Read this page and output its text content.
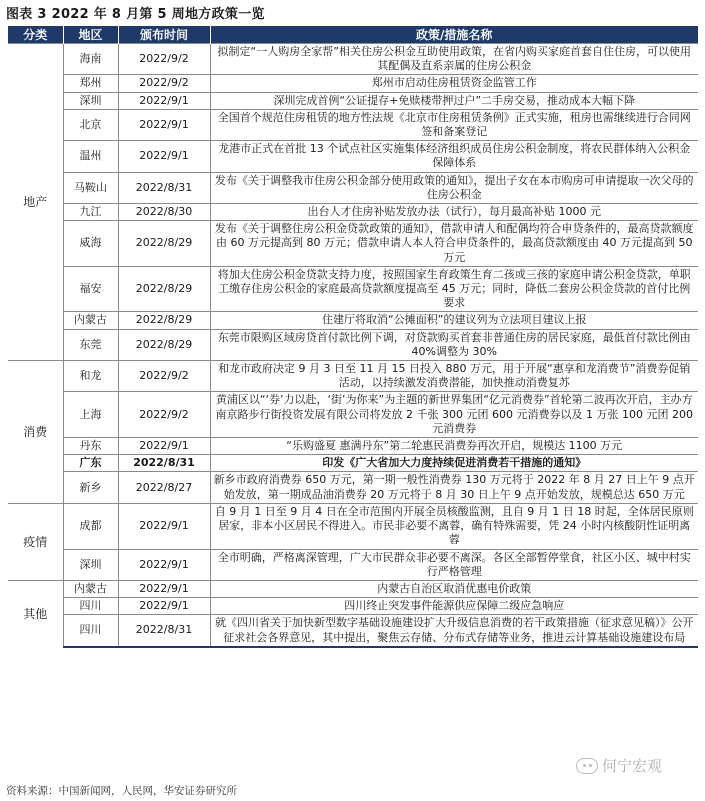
图表 3 2022 年 8 月第 5 周地方政策一览
分类	地区	颁布时间	政策/措施名称
地产	海南	2022/9/2	拟制定“一人购房全家帮”相关住房公积金互助使用政策，在省内购买家庭首套自住住房，可以使用其配偶及直系亲属的住房公积金
	郑州	2022/9/2	郑州市启动住房租赁资金监管工作
	深圳	2022/9/1	深圳完成首例“公证提存+免赎楼带押过户”二手房交易，推动成本大幅下降
	北京	2022/9/1	全国首个规范住房租赁的地方性法规《北京市住房租赁条例》正式实施，租房也需继续进行合同网签和备案登记
	温州	2022/9/1	龙港市正式在首批 13 个试点社区实施集体经济组织成员住房公积金制度，将农民群体纳入公积金保障体系
	马鞍山	2022/8/31	发布《关于调整我市住房公积金部分使用政策的通知》，提出子女在本市购房可申请提取一次父母的住房公积金
	九江	2022/8/30	出台人才住房补贴发放办法（试行），每月最高补贴 1000 元
	威海	2022/8/29	发布《关于调整住房公积金贷款政策的通知》，借款申请人和配偶均符合申贷条件的，最高贷款额度由 60 万元提高到 80 万元；借款申请人本人符合申贷条件的，最高贷款额度由 40 万元提高到 50 万元
	福安	2022/8/29	将加大住房公积金贷款支持力度，按照国家生育政策生育二孩或三孩的家庭申请公积金贷款，单职工缴存住房公积金的家庭最高贷款额度提高至 45 万元；同时，降低二套房公积金贷款的首付比例要求
	内蒙古	2022/8/29	住建厅将取消“公摊面积”的建议列为立法项目建议上报
	东莞	2022/8/29	东莞市限购区域房贷首付款比例下调，对贷款购买首套非普通住房的居民家庭，最低首付款比例由 40%调整为 30%
消费	和龙	2022/9/2	和龙市政府决定 9 月 3 日至 11 月 15 日投入 880 万元，用于开展“惠享和龙消费节”消费券促销活动，以持续激发消费潜能，加快推动消费复苏
	上海	2022/9/2	黄浦区以“‘券’力以赴，‘街’为你来”为主题的新世界集团“亿元消费券”首轮第二波再次开启，主办方南京路步行街投资发展有限公司将发放 2 千张 300 元团 600 元消费券以及 1 万张 100 元团 200 元消费券
	丹东	2022/9/1	“乐购盛夏 惠满丹东”第二轮惠民消费券再次开启，规模达 1100 万元
	广东	2022/8/31	印发《广大省加大力度持续促进消费若干措施的通知》
	新乡	2022/8/27	新乡市政府消费券 650 万元，第一期一般性消费券 130 万元将于 2022 年 8 月 27 日上午 9 点开始发放，第一期成品油消费券 20 万元将于 8 月 30 日上午 9 点开始发放，规模总达 650 万元
疫情	成都	2022/9/1	自 9 月 1 日至 9 月 4 日在全市范围内开展全员核酸监测，且自 9 月 1 日 18 时起，全体居民原则居家，非本小区居民不得进入。市民非必要不离蓉，确有特殊需要，凭 24 小时内核酸阴性证明离蓉
	深圳	2022/9/1	全市明确，严格离深管理，广大市民群众非必要不离深。各区全部暂停堂食，社区小区、城中村实行严格管理
其他	内蒙古	2022/9/1	内蒙古自治区取消优惠电价政策
	四川	2022/9/1	四川终止突发事件能源供应保障二级应急响应
	四川	2022/8/31	就《四川省关于加快新型数字基础设施建设扩大升级信息消费的若干政策措施（征求意见稿）》公开征求社会各界意见，其中提出，聚焦云存储、分布式存储等业务，推进云计算基础设施建设布局
何宁宏观
资料来源：中国新闻网，人民网，华安证券研究所
